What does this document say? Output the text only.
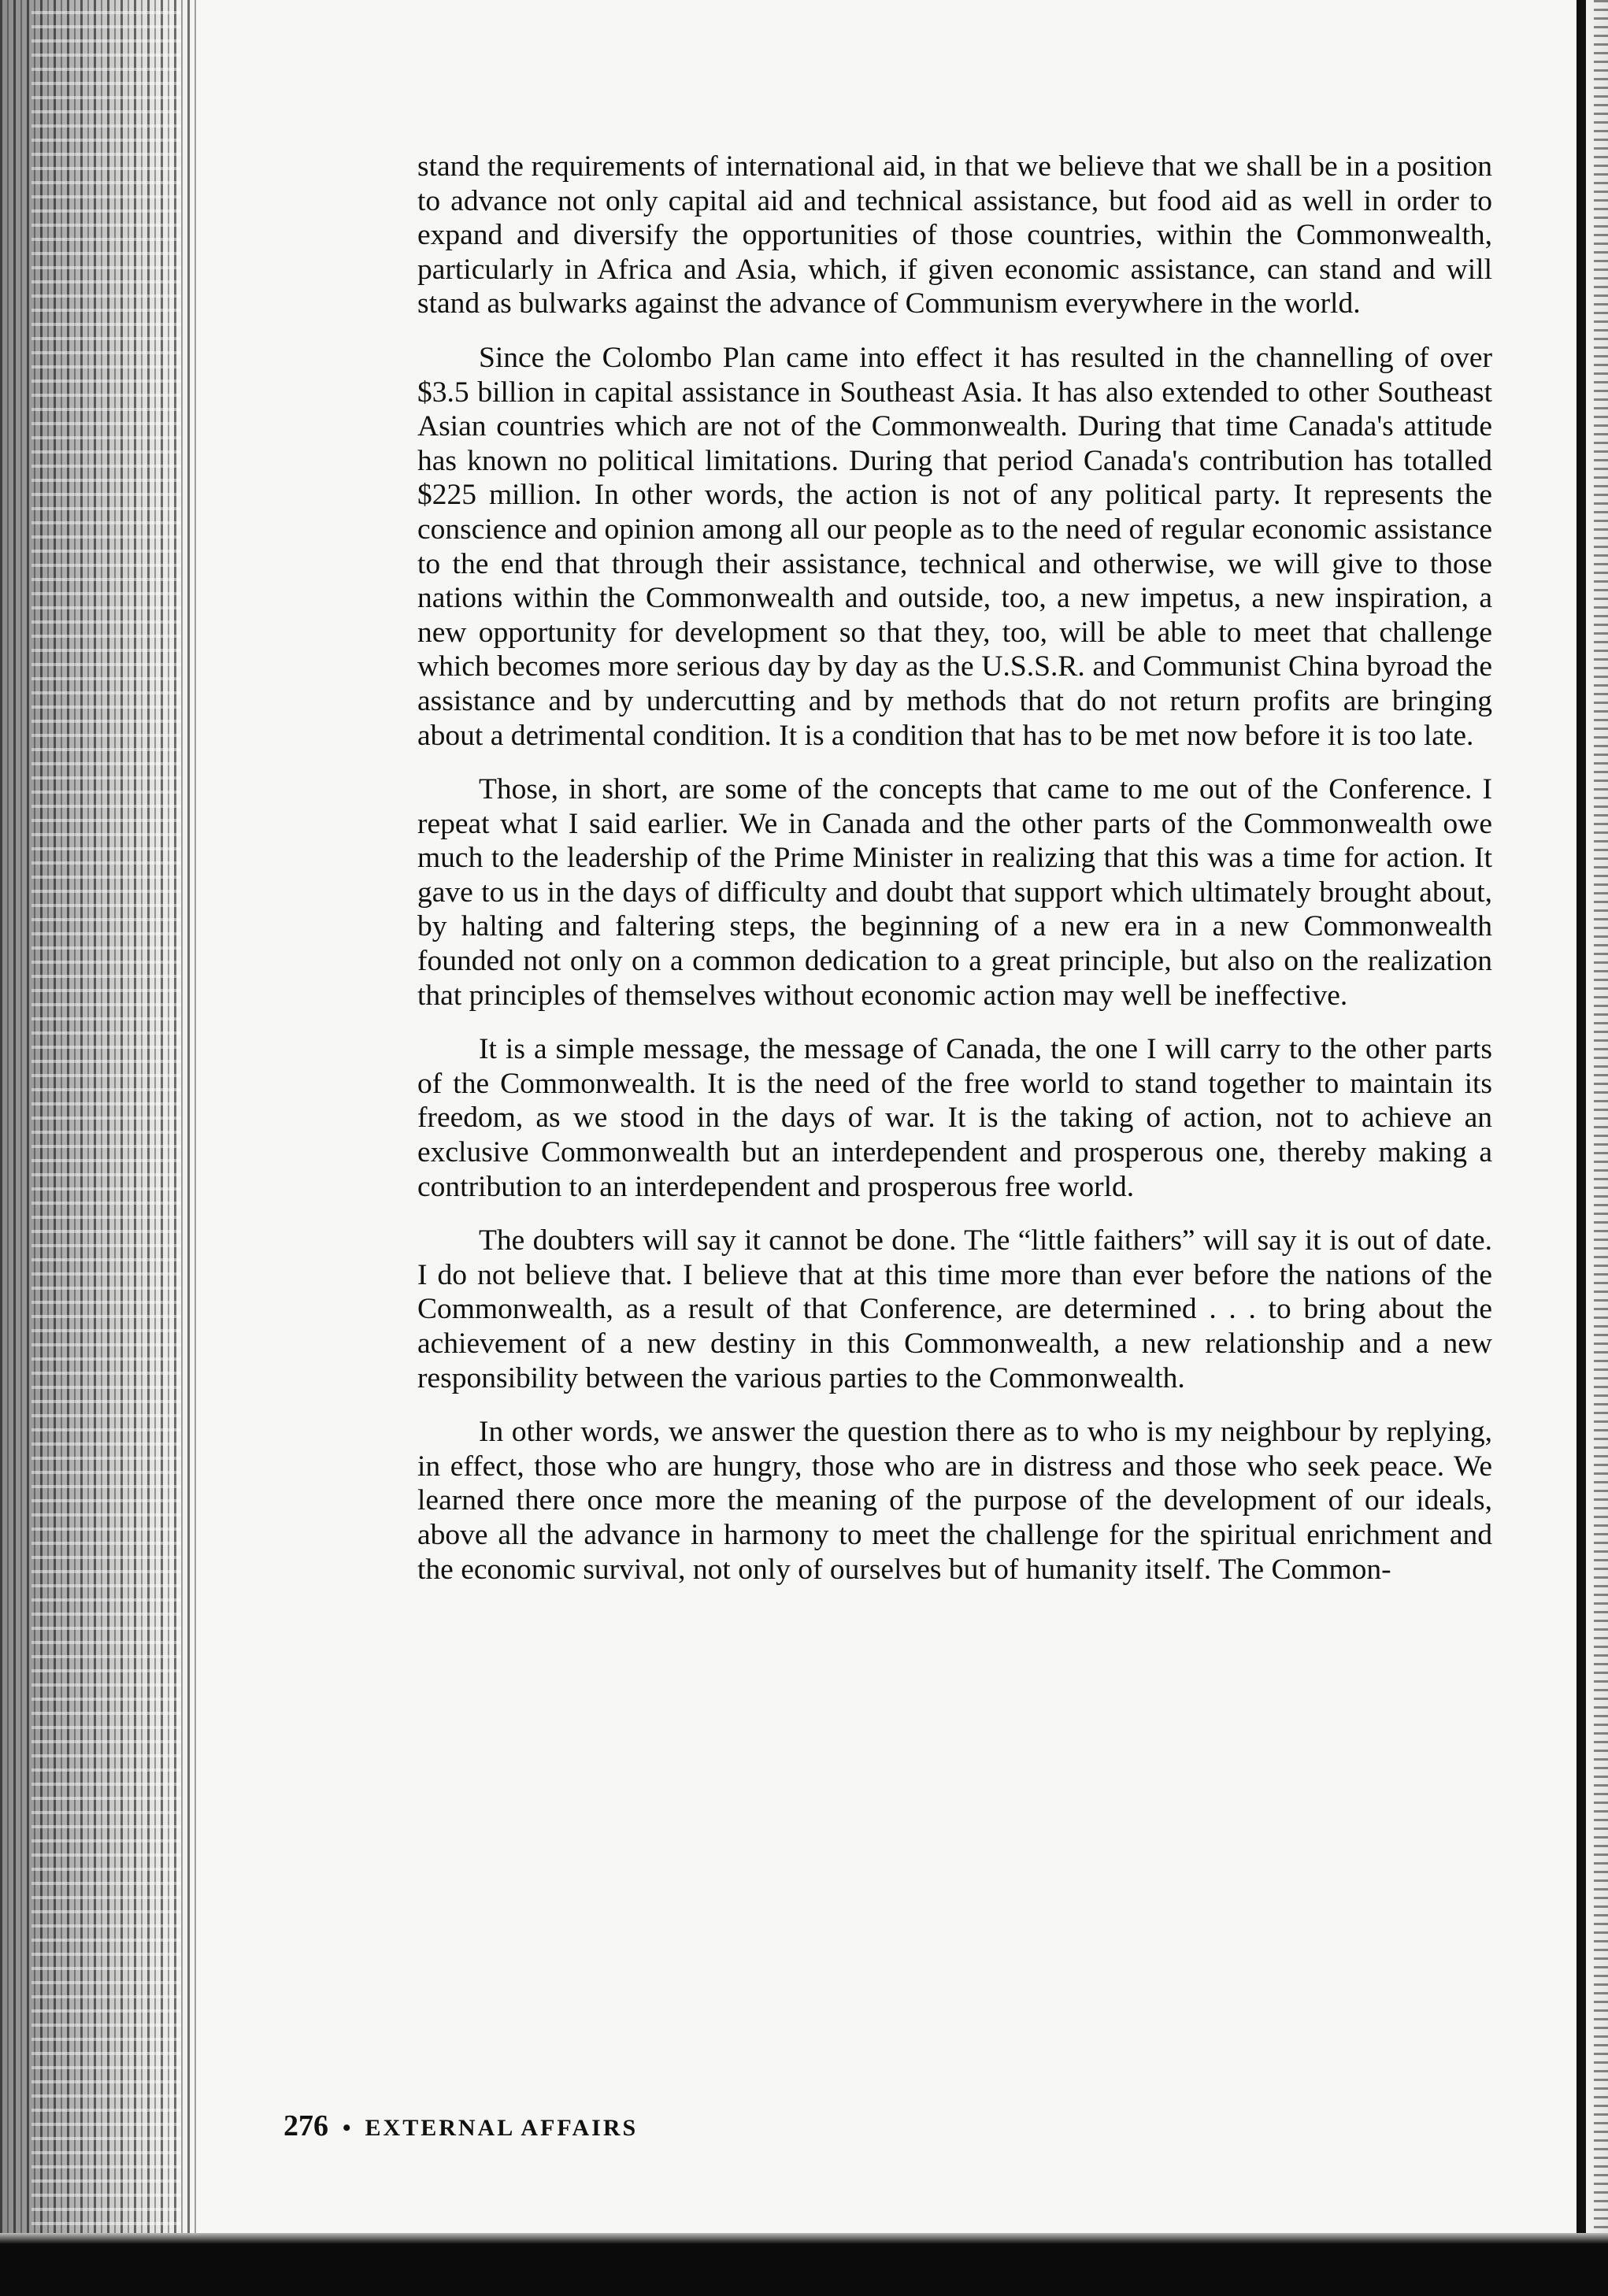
stand the requirements of international aid, in that we believe that we shall be in a position to advance not only capital aid and technical assistance, but food aid as well in order to expand and diversify the opportunities of those countries, within the Commonwealth, particularly in Africa and Asia, which, if given economic assistance, can stand and will stand as bulwarks against the advance of Communism everywhere in the world.

Since the Colombo Plan came into effect it has resulted in the channelling of over $3.5 billion in capital assistance in Southeast Asia. It has also extended to other Southeast Asian countries which are not of the Commonwealth. During that time Canada's attitude has known no political limitations. During that period Canada's contribution has totalled $225 million. In other words, the action is not of any political party. It represents the conscience and opinion among all our people as to the need of regular economic assistance to the end that through their assistance, technical and otherwise, we will give to those nations within the Commonwealth and outside, too, a new impetus, a new inspiration, a new opportunity for development so that they, too, will be able to meet that challenge which becomes more serious day by day as the U.S.S.R. and Communist China byroad the assistance and by undercutting and by methods that do not return profits are bringing about a detrimental condition. It is a condition that has to be met now before it is too late.

Those, in short, are some of the concepts that came to me out of the Conference. I repeat what I said earlier. We in Canada and the other parts of the Commonwealth owe much to the leadership of the Prime Minister in realizing that this was a time for action. It gave to us in the days of difficulty and doubt that support which ultimately brought about, by halting and faltering steps, the beginning of a new era in a new Commonwealth founded not only on a common dedication to a great principle, but also on the realization that principles of themselves without economic action may well be ineffective.

It is a simple message, the message of Canada, the one I will carry to the other parts of the Commonwealth. It is the need of the free world to stand together to maintain its freedom, as we stood in the days of war. It is the taking of action, not to achieve an exclusive Commonwealth but an interdependent and prosperous one, thereby making a contribution to an interdependent and prosperous free world.

The doubters will say it cannot be done. The “little faithers” will say it is out of date. I do not believe that. I believe that at this time more than ever before the nations of the Commonwealth, as a result of that Conference, are determined . . . to bring about the achievement of a new destiny in this Commonwealth, a new relationship and a new responsibility between the various parties to the Commonwealth.

In other words, we answer the question there as to who is my neighbour by replying, in effect, those who are hungry, those who are in distress and those who seek peace. We learned there once more the meaning of the purpose of the development of our ideals, above all the advance in harmony to meet the challenge for the spiritual enrichment and the economic survival, not only of ourselves but of humanity itself. The Common-

276 • EXTERNAL AFFAIRS
